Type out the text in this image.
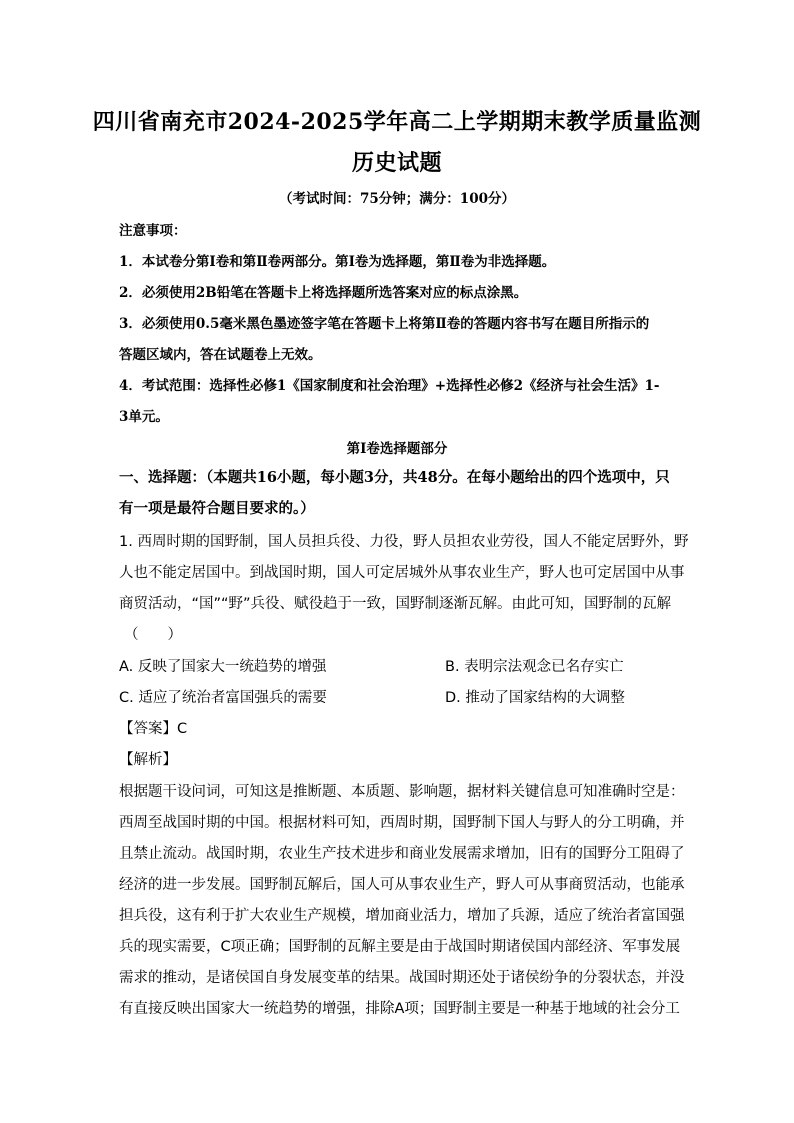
四川省南充市2024-2025学年高二上学期期末教学质量监测
历史试题
（考试时间：75分钟；满分：100分）
注意事项：
1．本试卷分第Ⅰ卷和第Ⅱ卷两部分。第Ⅰ卷为选择题，第Ⅱ卷为非选择题。
2．必须使用2B铅笔在答题卡上将选择题所选答案对应的标点涂黑。
3．必须使用0.5毫米黑色墨迹签字笔在答题卡上将第Ⅱ卷的答题内容书写在题目所指示的
答题区域内，答在试题卷上无效。
4．考试范围：选择性必修1《国家制度和社会治理》+选择性必修2《经济与社会生活》1-
3单元。
第Ⅰ卷选择题部分
一、选择题：（本题共16小题，每小题3分，共48分。在每小题给出的四个选项中，只
有一项是最符合题目要求的。）
1. 西周时期的国野制，国人员担兵役、力役，野人员担农业劳役，国人不能定居野外，野
人也不能定居国中。到战国时期，国人可定居城外从事农业生产，野人也可定居国中从事
商贸活动，“国”“野”兵役、赋役趋于一致，国野制逐渐瓦解。由此可知，国野制的瓦解
（　　）
A. 反映了国家大一统趋势的增强	B. 表明宗法观念已名存实亡
C. 适应了统治者富国强兵的需要	D. 推动了国家结构的大调整
【答案】C
【解析】
根据题干设问词，可知这是推断题、本质题、影响题，据材料关键信息可知准确时空是：
西周至战国时期的中国。根据材料可知，西周时期，国野制下国人与野人的分工明确，并
且禁止流动。战国时期，农业生产技术进步和商业发展需求增加，旧有的国野分工阻碍了
经济的进一步发展。国野制瓦解后，国人可从事农业生产，野人可从事商贸活动，也能承
担兵役，这有利于扩大农业生产规模，增加商业活力，增加了兵源，适应了统治者富国强
兵的现实需要，C项正确；国野制的瓦解主要是由于战国时期诸侯国内部经济、军事发展
需求的推动，是诸侯国自身发展变革的结果。战国时期还处于诸侯纷争的分裂状态，并没
有直接反映出国家大一统趋势的增强，排除A项；国野制主要是一种基于地域的社会分工
